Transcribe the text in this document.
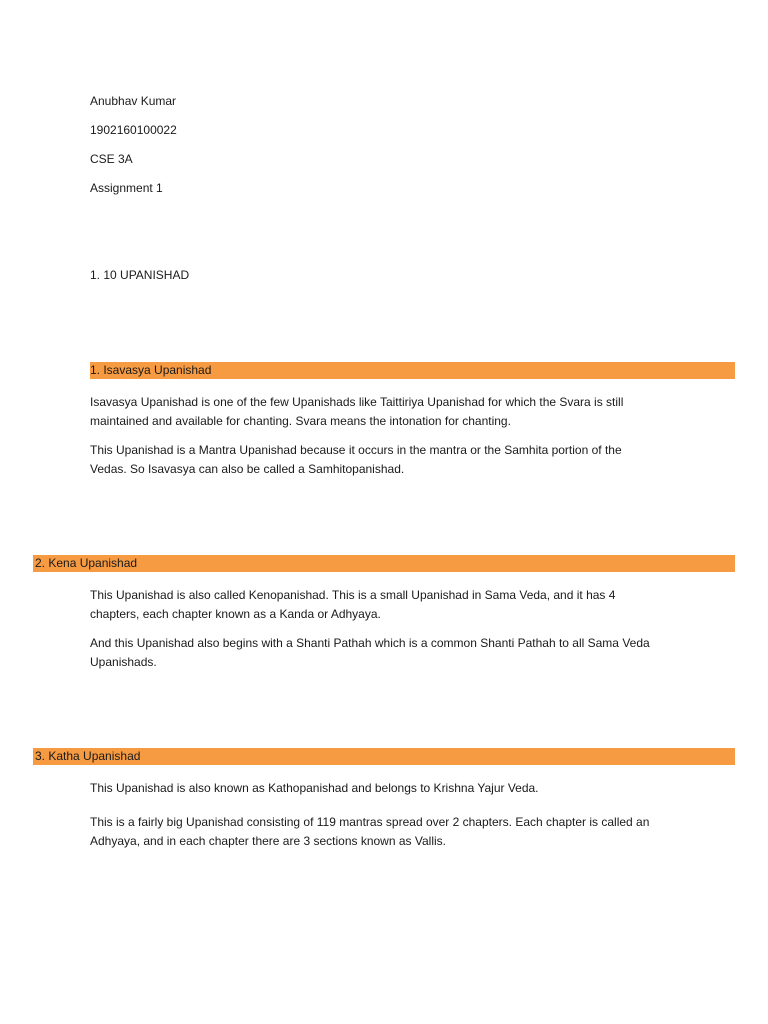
Anubhav Kumar
1902160100022
CSE 3A
Assignment 1
1. 10 UPANISHAD
1. Isavasya Upanishad
Isavasya Upanishad is one of the few Upanishads like Taittiriya Upanishad for which the Svara is still
maintained and available for chanting. Svara means the intonation for chanting.
This Upanishad is a Mantra Upanishad because it occurs in the mantra or the Samhita portion of the
Vedas. So Isavasya can also be called a Samhitopanishad.
2. Kena Upanishad
This Upanishad is also called Kenopanishad. This is a small Upanishad in Sama Veda, and it has 4
chapters, each chapter known as a Kanda or Adhyaya.
And this Upanishad also begins with a Shanti Pathah which is a common Shanti Pathah to all Sama Veda
Upanishads.
3. Katha Upanishad
This Upanishad is also known as Kathopanishad and belongs to Krishna Yajur Veda.
This is a fairly big Upanishad consisting of 119 mantras spread over 2 chapters. Each chapter is called an
Adhyaya, and in each chapter there are 3 sections known as Vallis.
